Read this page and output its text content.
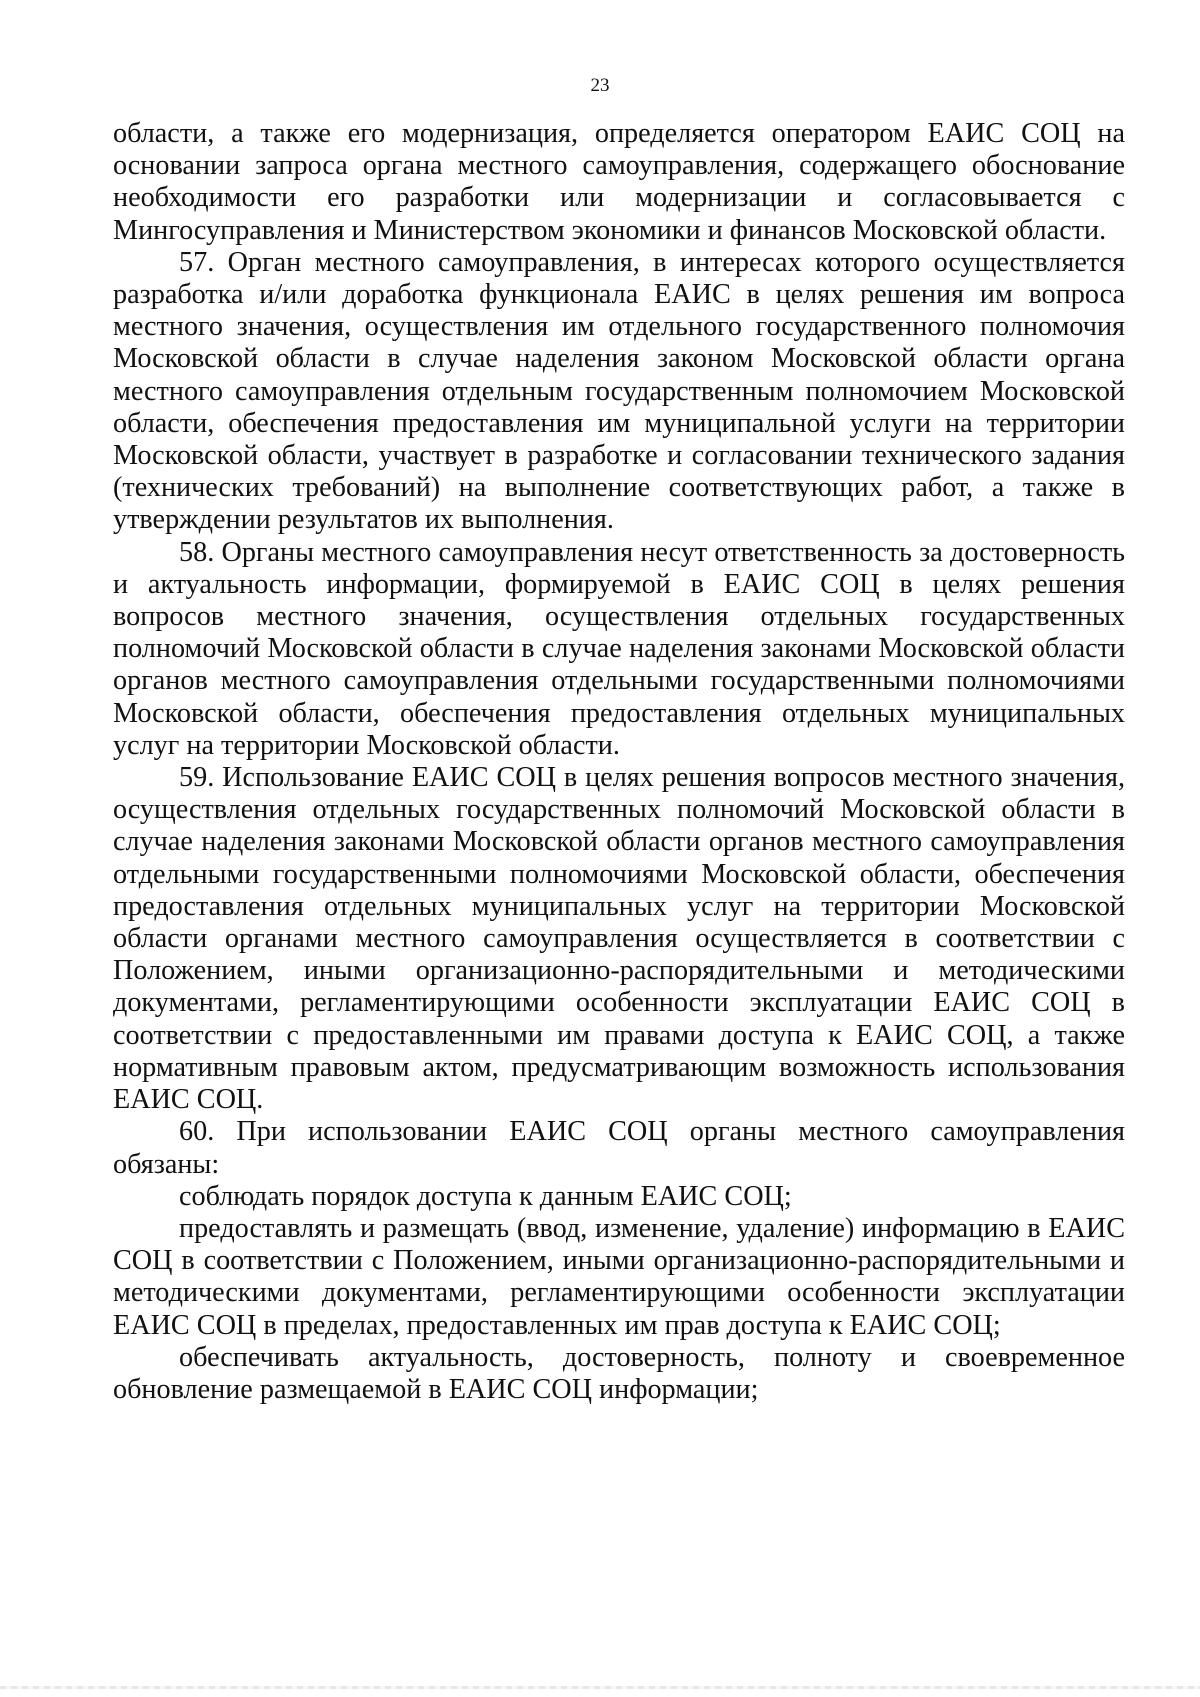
23

области, а также его модернизация, определяется оператором ЕАИС СОЦ на основании запроса органа местного самоуправления, содержащего обоснование необходимости его разработки или модернизации и согласовывается с Мингосуправления и Министерством экономики и финансов Московской области.

57. Орган местного самоуправления, в интересах которого осуществляется разработка и/или доработка функционала ЕАИС в целях решения им вопроса местного значения, осуществления им отдельного государственного полномочия Московской области в случае наделения законом Московской области органа местного самоуправления отдельным государственным полномочием Московской области, обеспечения предоставления им муниципальной услуги на территории Московской области, участвует в разработке и согласовании технического задания (технических требований) на выполнение соответствующих работ, а также в утверждении результатов их выполнения.

58. Органы местного самоуправления несут ответственность за достоверность и актуальность информации, формируемой в ЕАИС СОЦ в целях решения вопросов местного значения, осуществления отдельных государственных полномочий Московской области в случае наделения законами Московской области органов местного самоуправления отдельными государственными полномочиями Московской области, обеспечения предоставления отдельных муниципальных услуг на территории Московской области.

59. Использование ЕАИС СОЦ в целях решения вопросов местного значения, осуществления отдельных государственных полномочий Московской области в случае наделения законами Московской области органов местного самоуправления отдельными государственными полномочиями Московской области, обеспечения предоставления отдельных муниципальных услуг на территории Московской области органами местного самоуправления осуществляется в соответствии с Положением, иными организационно-распорядительными и методическими документами, регламентирующими особенности эксплуатации ЕАИС СОЦ в соответствии с предоставленными им правами доступа к ЕАИС СОЦ, а также нормативным правовым актом, предусматривающим возможность использования ЕАИС СОЦ.

60. При использовании ЕАИС СОЦ органы местного самоуправления обязаны:

соблюдать порядок доступа к данным ЕАИС СОЦ;

предоставлять и размещать (ввод, изменение, удаление) информацию в ЕАИС СОЦ в соответствии с Положением, иными организационно-распорядительными и методическими документами, регламентирующими особенности эксплуатации ЕАИС СОЦ в пределах, предоставленных им прав доступа к ЕАИС СОЦ;

обеспечивать актуальность, достоверность, полноту и своевременное обновление размещаемой в ЕАИС СОЦ информации;
